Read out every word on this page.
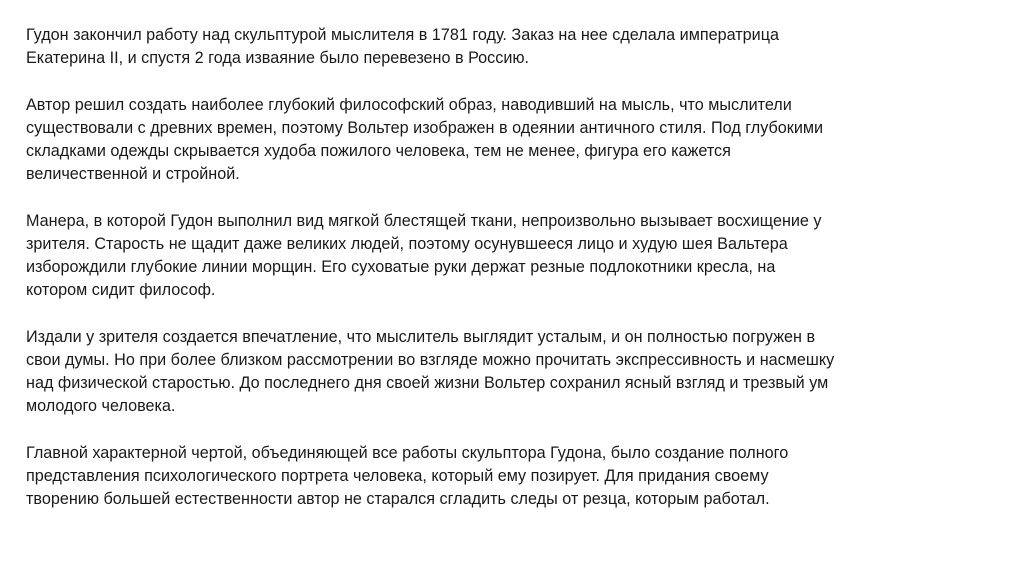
Гудон закончил работу над скульптурой мыслителя в 1781 году. Заказ на нее сделала императрица
Екатерина II, и спустя 2 года изваяние было перевезено в Россию.

Автор решил создать наиболее глубокий философский образ, наводивший на мысль, что мыслители
существовали с древних времен, поэтому Вольтер изображен в одеянии античного стиля. Под глубокими
складками одежды скрывается худоба пожилого человека, тем не менее, фигура его кажется
величественной и стройной.

Манера, в которой Гудон выполнил вид мягкой блестящей ткани, непроизвольно вызывает восхищение у
зрителя. Старость не щадит даже великих людей, поэтому осунувшееся лицо и худую шея Вальтера
изборождили глубокие линии морщин. Его суховатые руки держат резные подлокотники кресла, на
котором сидит философ.

Издали у зрителя создается впечатление, что мыслитель выглядит усталым, и он полностью погружен в
свои думы. Но при более близком рассмотрении во взгляде можно прочитать экспрессивность и насмешку
над физической старостью. До последнего дня своей жизни Вольтер сохранил ясный взгляд и трезвый ум
молодого человека.

Главной характерной чертой, объединяющей все работы скульптора Гудона, было создание полного
представления психологического портрета человека, который ему позирует. Для придания своему
творению большей естественности автор не старался сгладить следы от резца, которым работал.
